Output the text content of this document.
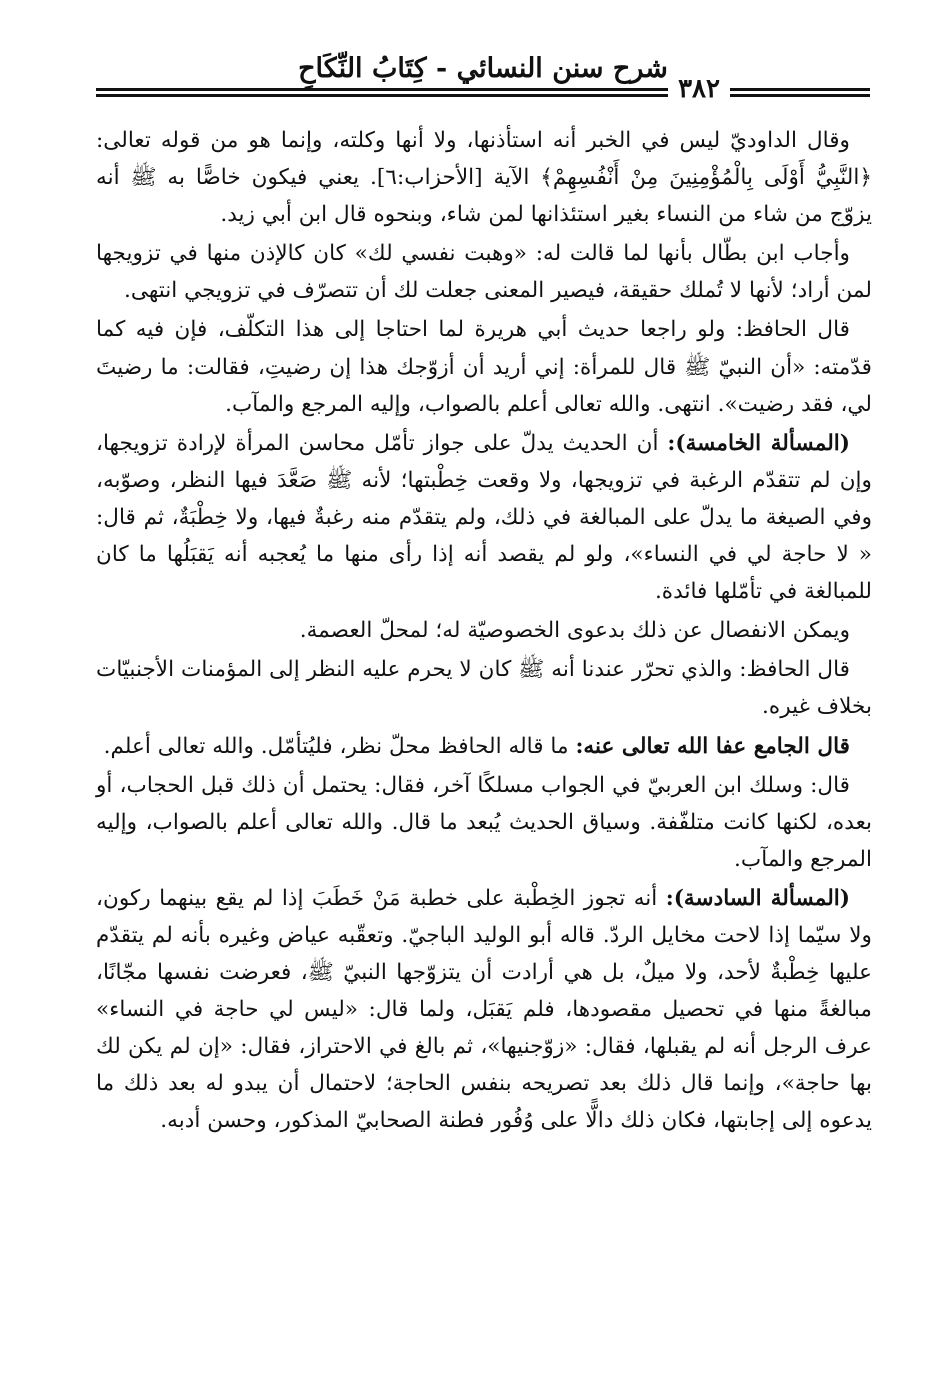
شرح سنن النسائي - كِتَابُ النِّكَاحِ
٣٨٢

وقال الداوديّ ليس في الخبر أنه استأذنها، ولا أنها وكلته، وإنما هو من قوله تعالى: ﴿النَّبِيُّ أَوْلَى بِالْمُؤْمِنِينَ مِنْ أَنْفُسِهِمْ﴾ الآية [الأحزاب:٦]. يعني فيكون خاصًّا به ﷺ أنه يزوّج من شاء من النساء بغير استئذانها لمن شاء، وبنحوه قال ابن أبي زيد.

وأجاب ابن بطّال بأنها لما قالت له: «وهبت نفسي لك» كان كالإذن منها في تزويجها لمن أراد؛ لأنها لا تُملك حقيقة، فيصير المعنى جعلت لك أن تتصرّف في تزويجي انتهى.

قال الحافظ: ولو راجعا حديث أبي هريرة لما احتاجا إلى هذا التكلّف، فإن فيه كما قدّمته: «أن النبيّ ﷺ قال للمرأة: إني أريد أن أزوّجك هذا إن رضيتِ، فقالت: ما رضيتَ لي، فقد رضيت». انتهى. والله تعالى أعلم بالصواب، وإليه المرجع والمآب.

(المسألة الخامسة): أن الحديث يدلّ على جواز تأمّل محاسن المرأة لإرادة تزويجها، وإن لم تتقدّم الرغبة في تزويجها، ولا وقعت خِطْبتها؛ لأنه ﷺ صَعَّدَ فيها النظر، وصوّبه، وفي الصيغة ما يدلّ على المبالغة في ذلك، ولم يتقدّم منه رغبةٌ فيها، ولا خِطْبَةٌ، ثم قال: « لا حاجة لي في النساء»، ولو لم يقصد أنه إذا رأى منها ما يُعجبه أنه يَقبَلُها ما كان للمبالغة في تأمّلها فائدة.

ويمكن الانفصال عن ذلك بدعوى الخصوصيّة له؛ لمحلّ العصمة.

قال الحافظ: والذي تحرّر عندنا أنه ﷺ كان لا يحرم عليه النظر إلى المؤمنات الأجنبيّات بخلاف غيره.

قال الجامع عفا الله تعالى عنه: ما قاله الحافظ محلّ نظر، فليُتأمّل. والله تعالى أعلم.

قال: وسلك ابن العربيّ في الجواب مسلكًا آخر، فقال: يحتمل أن ذلك قبل الحجاب، أو بعده، لكنها كانت متلفّفة. وسياق الحديث يُبعد ما قال. والله تعالى أعلم بالصواب، وإليه المرجع والمآب.

(المسألة السادسة): أنه تجوز الخِطْبة على خطبة مَنْ خَطَبَ إذا لم يقع بينهما ركون، ولا سيّما إذا لاحت مخايل الردّ. قاله أبو الوليد الباجيّ. وتعقّبه عياض وغيره بأنه لم يتقدّم عليها خِطْبةٌ لأحد، ولا ميلٌ، بل هي أرادت أن يتزوّجها النبيّ ﷺ، فعرضت نفسها مجّانًا، مبالغةً منها في تحصيل مقصودها، فلم يَقبَل، ولما قال: «ليس لي حاجة في النساء» عرف الرجل أنه لم يقبلها، فقال: «زوّجنيها»، ثم بالغ في الاحتراز، فقال: «إن لم يكن لك بها حاجة»، وإنما قال ذلك بعد تصريحه بنفس الحاجة؛ لاحتمال أن يبدو له بعد ذلك ما يدعوه إلى إجابتها، فكان ذلك دالًّا على وُفُور فطنة الصحابيّ المذكور، وحسن أدبه.
